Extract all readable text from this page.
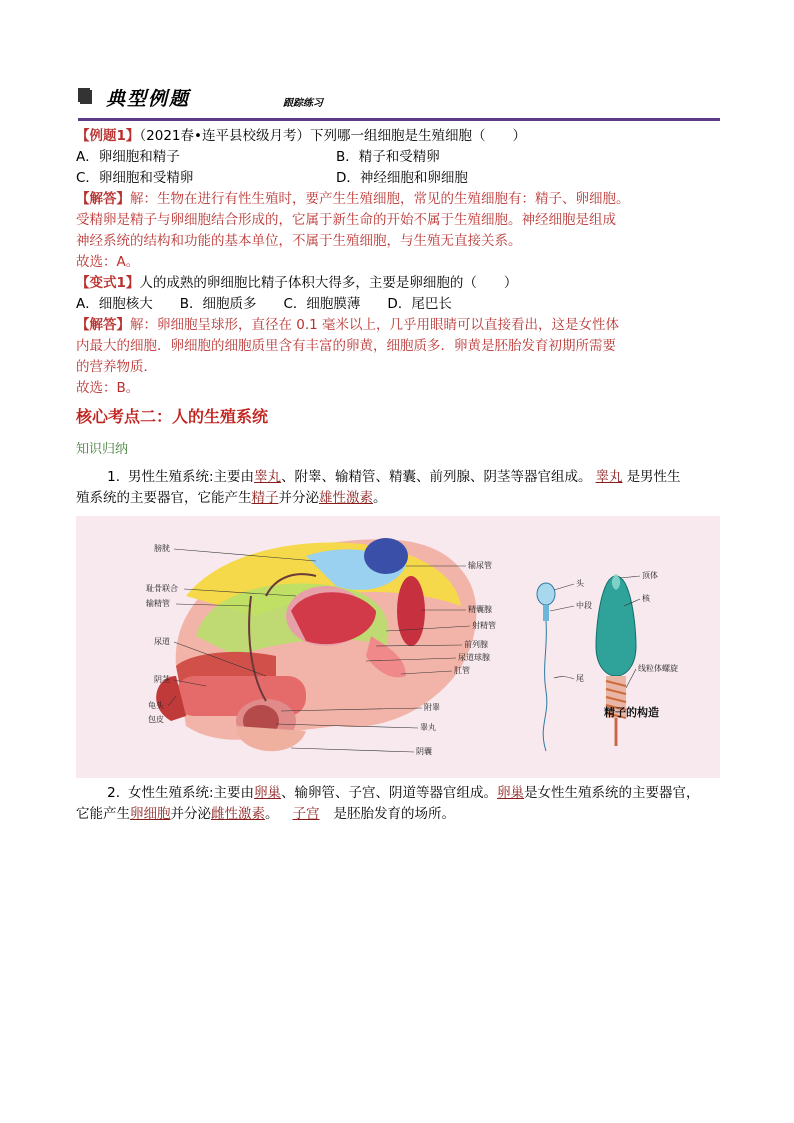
典型例题	跟踪练习
【例题1】（2021春•连平县校级月考）下列哪一组细胞是生殖细胞（　　）
A．卵细胞和精子	B．精子和受精卵
C．卵细胞和受精卵	D．神经细胞和卵细胞
【解答】解：生物在进行有性生殖时，要产生生殖细胞，常见的生殖细胞有：精子、卵细胞。
受精卵是精子与卵细胞结合形成的，它属于新生命的开始不属于生殖细胞。神经细胞是组成
神经系统的结构和功能的基本单位，不属于生殖细胞，与生殖无直接关系。
故选：A。
【变式1】人的成熟的卵细胞比精子体积大得多，主要是卵细胞的（　　）
A．细胞核大　　B．细胞质多　　C．细胞膜薄　　D．尾巴长
【解答】解：卵细胞呈球形，直径在 0.1 毫米以上，几乎用眼睛可以直接看出，这是女性体
内最大的细胞．卵细胞的细胞质里含有丰富的卵黄，细胞质多．卵黄是胚胎发育初期所需要
的营养物质．
故选：B。
核心考点二：人的生殖系统
知识归纳
1. 男性生殖系统:主要由睾丸、附睾、输精管、精囊、前列腺、阴茎等器官组成。 睾丸 是男性生
殖系统的主要器官，它能产生精子并分泌雄性激素。
膀胱
耻骨联合
输精管
尿道
阴茎
龟头
包皮
输尿管
精囊腺
射精管
前列腺
尿道球腺
肛管
附睾
睾丸
阴囊
头
中段
尾
顶体
核
线粒体螺旋
精子的构造
2. 女性生殖系统:主要由卵巢、输卵管、子宫、阴道等器官组成。卵巢是女性生殖系统的主要器官，
它能产生卵细胞并分泌雌性激素。 子宫 是胚胎发育的场所。
